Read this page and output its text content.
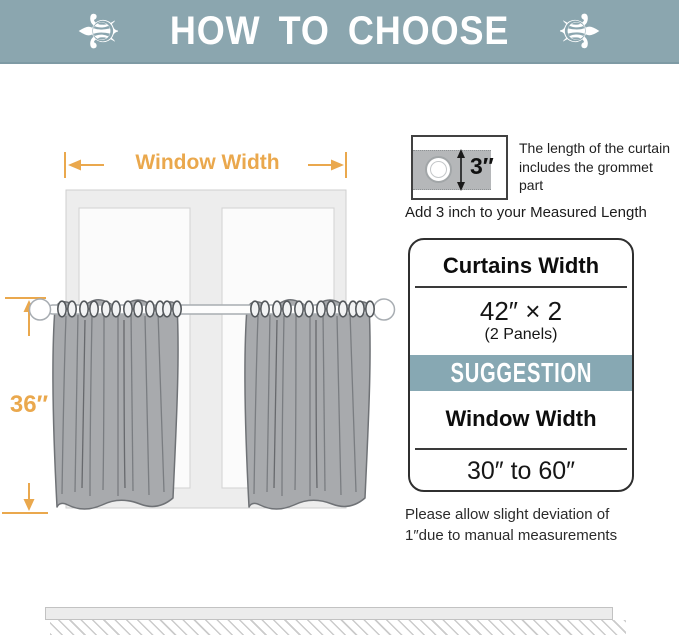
⚜ HOW TO CHOOSE ⚜
Window Width
36″
3″
The length of the curtain includes the grommet part
Add 3 inch to your Measured Length
Curtains Width
42″ × 2
(2 Panels)
SUGGESTION
Window Width
30″ to 60″
Please allow slight deviation of
1″due to manual measurements
